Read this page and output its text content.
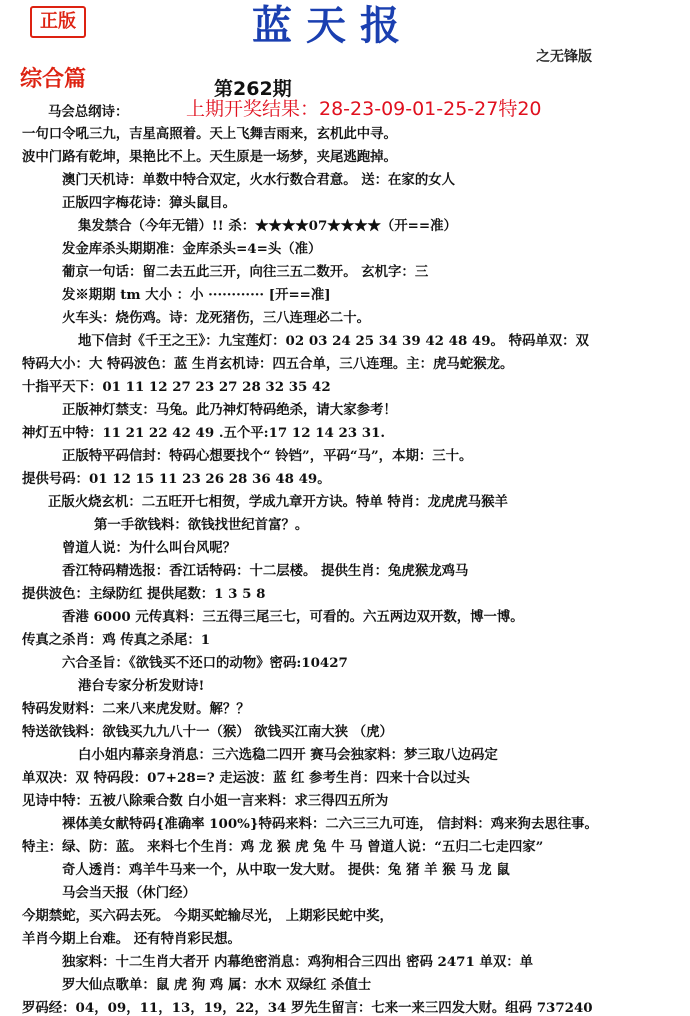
正版	蓝天报
之无锋版
综合篇	第262期
上期开奖结果：28-23-09-01-25-27特20
马会总纲诗：
一句口令吼三九，吉星高照着。天上飞舞吉雨来，玄机此中寻。
波中门路有乾坤，果艳比不上。天生原是一场梦，夹尾逃跑掉。
澳门天机诗：单数中特合双定，火水行数合君意。 送：在家的女人
正版四字梅花诗：獐头鼠目。
集发禁合（今年无错）!! 杀：★★★★07★★★★（开==准）
发金库杀头期期准：金库杀头=4=头（准）
葡京一句话：留二去五此三开，向往三五二数开。 玄机字：三
发※期期 tm 大小 ：小 ············ [开==准]
火车头：烧伤鸡。诗：龙死猪伤，三八连理必二十。
地下信封《千王之王》：九宝莲灯：02 03 24 25 34 39 42 48 49。 特码单双：双
特码大小：大 特码波色：蓝 生肖玄机诗：四五合单，三八连理。主：虎马蛇猴龙。
十指平天下：01 11 12 27 23 27 28 32 35 42
正版神灯禁支：马兔。此乃神灯特码绝杀，请大家参考！
神灯五中特：11 21 22 42 49 .五个平:17 12 14 23 31.
正版特平码信封：特码心想要找个“ 铃铛”，平码“马”，本期：三十。
提供号码：01 12 15 11 23 26 28 36 48 49。
正版火烧玄机：二五旺开七相贺，学成九章开方诀。特单 特肖：龙虎虎马猴羊
第一手欲钱料：欲钱找世纪首富？。
曾道人说：为什么叫台风呢？
香江特码精选报：香江话特码：十二层楼。 提供生肖：兔虎猴龙鸡马
提供波色：主绿防红 提供尾数：1 3 5 8
香港 6000 元传真料：三五得三尾三七，可看的。六五两边双开数，博一博。
传真之杀肖：鸡 传真之杀尾：1
六合圣旨：《欲钱买不还口的动物》密码:10427
港台专家分析发财诗!
特码发财料：二来八来虎发财。解？？
特送欲钱料：欲钱买九九八十一（猴） 欲钱买江南大狭 （虎）
白小姐内幕亲身消息：三六选稳二四开 赛马会独家料：梦三取八边码定
单双决：双 特码段：07+28=? 走运波：蓝 红 参考生肖：四来十合以过头
见诗中特：五被八除乘合数 白小姐一言来料：求三得四五所为
裸体美女献特码{准确率 100%}特码来料：二六三三九可连， 信封料：鸡来狗去思往事。
特主：绿、防：蓝。 来料七个生肖：鸡 龙 猴 虎 兔 牛 马 曾道人说：“五归二七走四家”
奇人透肖：鸡羊牛马来一个，从中取一发大财。 提供：兔 猪 羊 猴 马 龙 鼠
马会当天报（休门经）
今期禁蛇，买六码去死。 今期买蛇输尽光， 上期彩民蛇中奖，
羊肖今期上台难。 还有特肖彩民想。
独家料：十二生肖大者开 内幕绝密消息：鸡狗相合三四出 密码 2471 单双：单
罗大仙点歌单：鼠 虎 狗 鸡 属：水木 双绿红 杀值士
罗码经：04，09，11，13，19，22，34 罗先生留言：七来一来三四发大财。组码 737240
